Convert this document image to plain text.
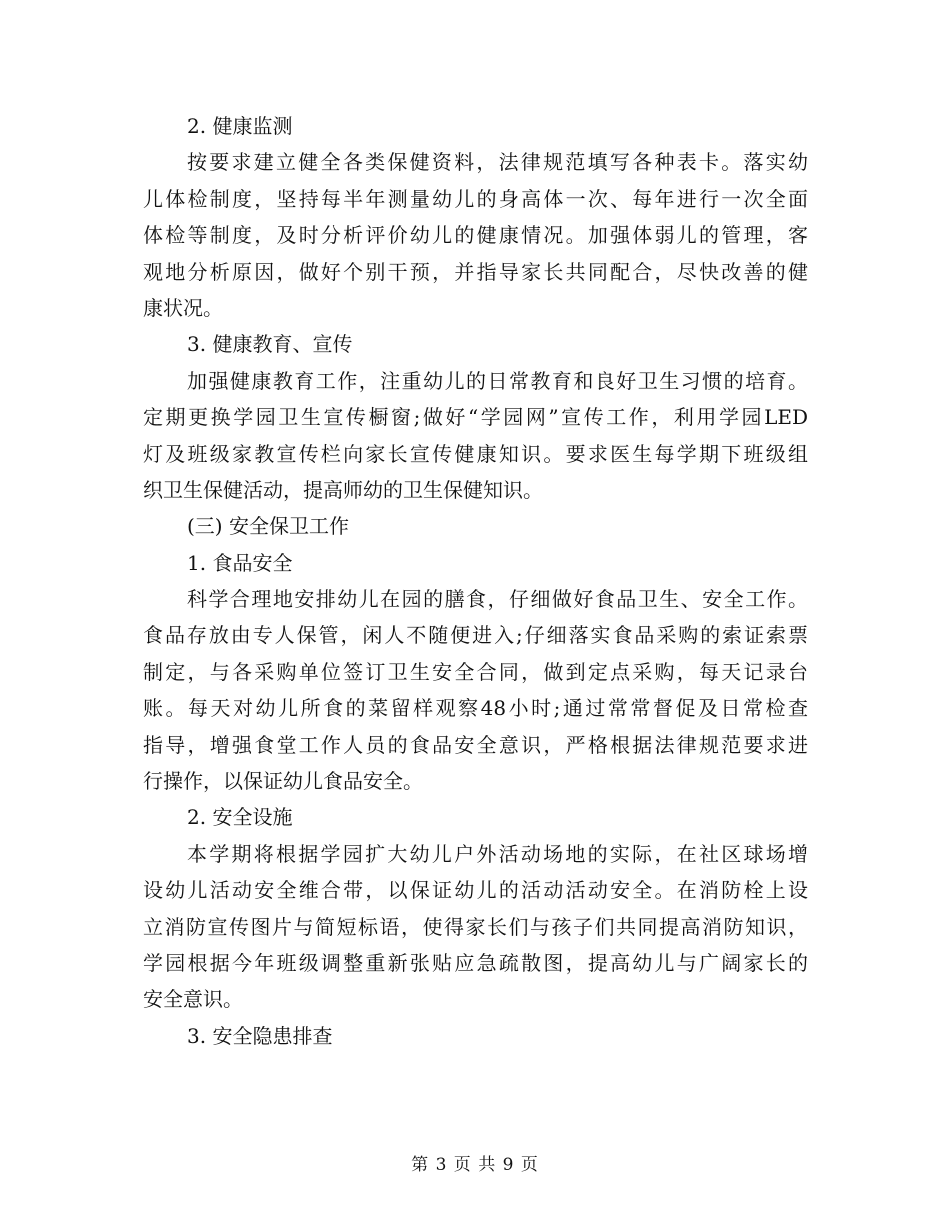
2. 健康监测
按要求建立健全各类保健资料，法律规范填写各种表卡。落实幼
儿体检制度，坚持每半年测量幼儿的身高体一次、每年进行一次全面
体检等制度，及时分析评价幼儿的健康情况。加强体弱儿的管理，客
观地分析原因，做好个别干预，并指导家长共同配合，尽快改善的健
康状况。
3. 健康教育、宣传
加强健康教育工作，注重幼儿的日常教育和良好卫生习惯的培育。
定期更换学园卫生宣传橱窗;做好“学园网”宣传工作，利用学园LED
灯及班级家教宣传栏向家长宣传健康知识。要求医生每学期下班级组
织卫生保健活动，提高师幼的卫生保健知识。
(三) 安全保卫工作
1. 食品安全
科学合理地安排幼儿在园的膳食，仔细做好食品卫生、安全工作。
食品存放由专人保管，闲人不随便进入;仔细落实食品采购的索证索票
制定，与各采购单位签订卫生安全合同，做到定点采购，每天记录台
账。每天对幼儿所食的菜留样观察48小时;通过常常督促及日常检查
指导，增强食堂工作人员的食品安全意识，严格根据法律规范要求进
行操作，以保证幼儿食品安全。
2. 安全设施
本学期将根据学园扩大幼儿户外活动场地的实际，在社区球场增
设幼儿活动安全维合带，以保证幼儿的活动活动安全。在消防栓上设
立消防宣传图片与简短标语，使得家长们与孩子们共同提高消防知识，
学园根据今年班级调整重新张贴应急疏散图，提高幼儿与广阔家长的
安全意识。
3. 安全隐患排查
第 3 页 共 9 页
